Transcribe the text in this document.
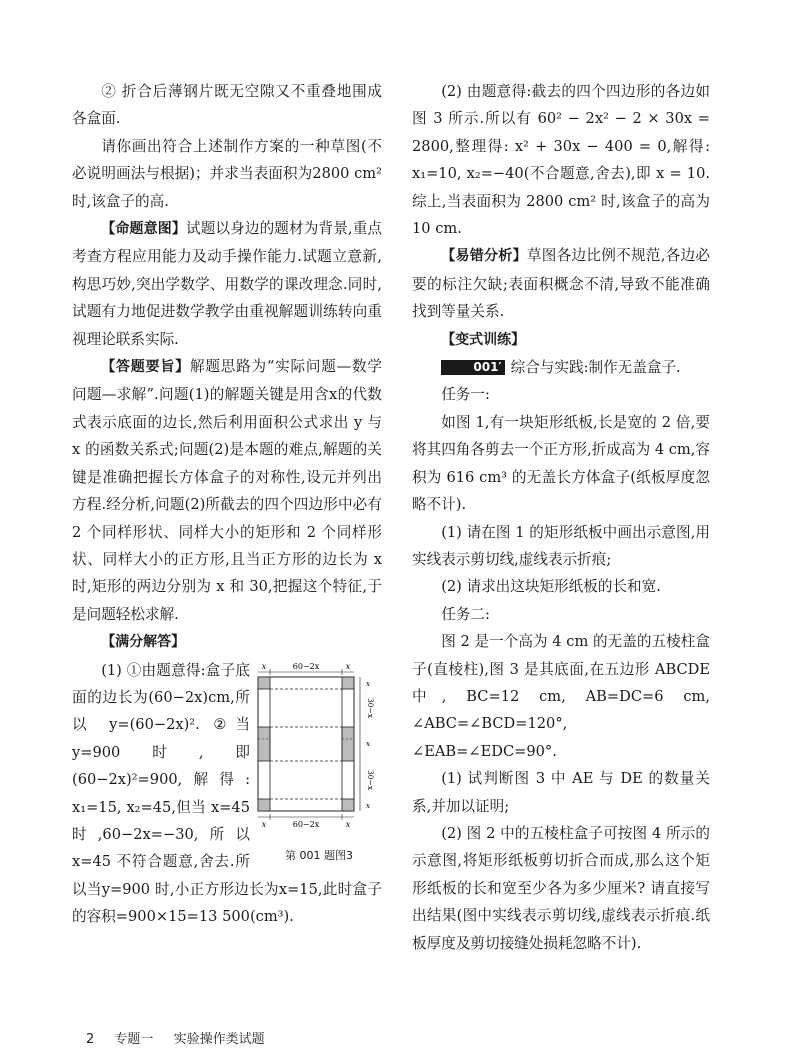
② 折合后薄钢片既无空隙又不重叠地围成各盒面.

请你画出符合上述制作方案的一种草图(不必说明画法与根据)；并求当表面积为2800 cm² 时,该盒子的高.

【命题意图】试题以身边的题材为背景,重点考查方程应用能力及动手操作能力.试题立意新,构思巧妙,突出学数学、用数学的课改理念.同时,试题有力地促进数学教学由重视解题训练转向重视理论联系实际.

【答题要旨】解题思路为“实际问题—数学问题—求解”.问题(1)的解题关键是用含x的代数式表示底面的边长,然后利用面积公式求出 y 与 x 的函数关系式;问题(2)是本题的难点,解题的关键是准确把握长方体盒子的对称性,设元并列出方程.经分析,问题(2)所截去的四个四边形中必有 2 个同样形状、同样大小的矩形和 2 个同样形状、同样大小的正方形,且当正方形的边长为 x 时,矩形的两边分别为 x 和 30,把握这个特征,于是问题轻松求解.

【满分解答】

x	60−2x	x
x
30−x
x
30−x
x
x	60−2x	x
第 001 题图3
(1) ①由题意得:盒子底面的边长为(60−2x)cm,所以 y=(60−2x)². ②当 y=900时,即(60−2x)²=900,解得: x₁=15, x₂=45,但当 x=45时,60−2x=−30,所以 x=45 不符合题意,舍去.所以当y=900 时,小正方形边长为x=15,此时盒子的容积=900×15=13 500(cm³).

(2) 由题意得:截去的四个四边形的各边如图 3 所示.所以有 60² − 2x² − 2 × 30x = 2800,整理得: x² + 30x − 400 = 0,解得: x₁=10, x₂=−40(不合题意,舍去),即 x = 10.综上,当表面积为 2800 cm² 时,该盒子的高为 10 cm.

【易错分析】草图各边比例不规范,各边必要的标注欠缺;表面积概念不清,导致不能准确找到等量关系.

【变式训练】

001′ 综合与实践:制作无盖盒子.

任务一:

如图 1,有一块矩形纸板,长是宽的 2 倍,要将其四角各剪去一个正方形,折成高为 4 cm,容积为 616 cm³ 的无盖长方体盒子(纸板厚度忽略不计).

(1) 请在图 1 的矩形纸板中画出示意图,用实线表示剪切线,虚线表示折痕;

(2) 请求出这块矩形纸板的长和宽.

任务二:

图 2 是一个高为 4 cm 的无盖的五棱柱盒子(直棱柱),图 3 是其底面,在五边形 ABCDE 中, BC=12 cm, AB=DC=6 cm, ∠ABC=∠BCD=120°, ∠EAB=∠EDC=90°.

(1) 试判断图 3 中 AE 与 DE 的数量关系,并加以证明;

(2) 图 2 中的五棱柱盒子可按图 4 所示的示意图,将矩形纸板剪切折合而成,那么这个矩形纸板的长和宽至少各为多少厘米? 请直接写出结果(图中实线表示剪切线,虚线表示折痕.纸板厚度及剪切接缝处损耗忽略不计).

2 专题一 实验操作类试题
